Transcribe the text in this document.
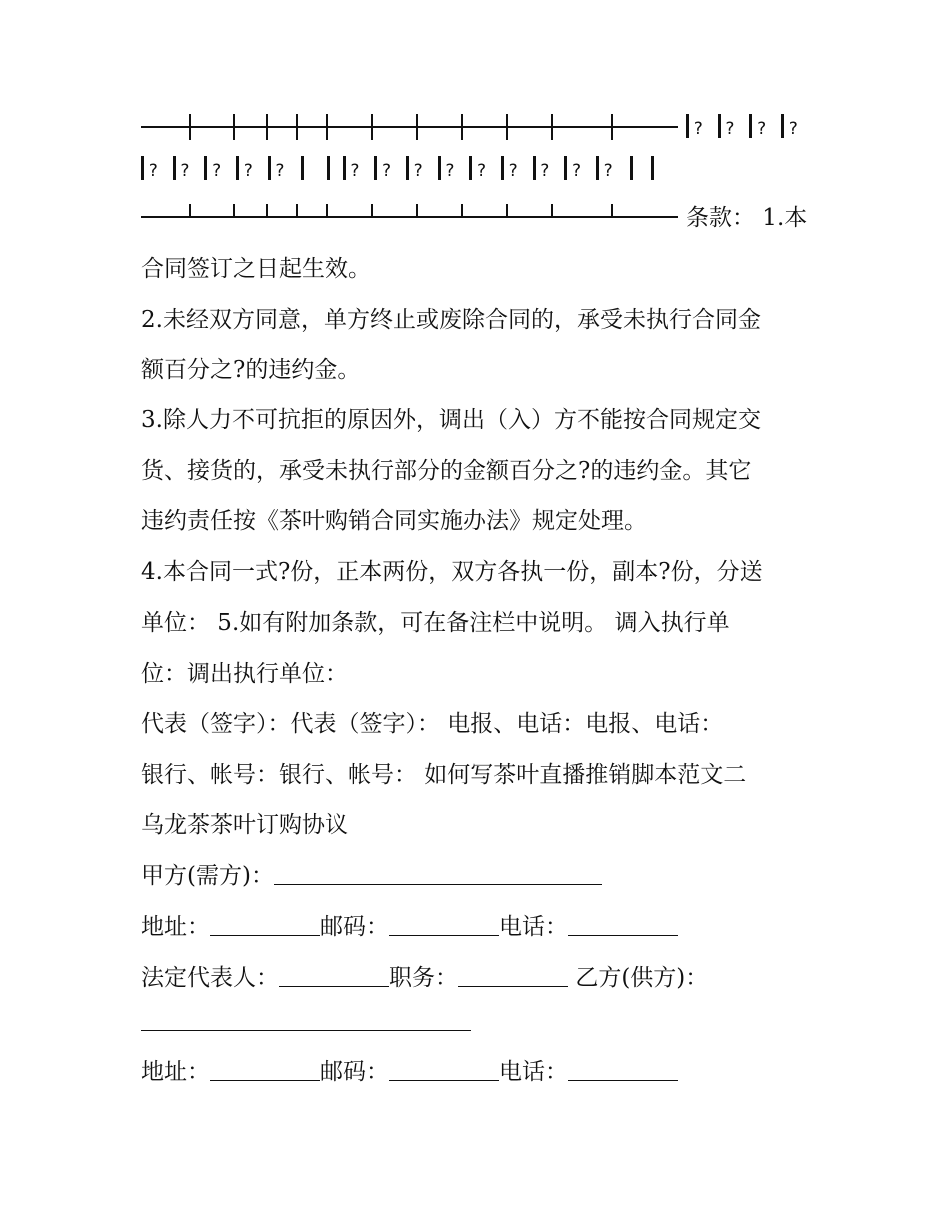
? ? ? ?
? ? ? ? ?	? ? ? ? ? ? ? ? ?
条款： 1.本
合同签订之日起生效。
2.未经双方同意，单方终止或废除合同的，承受未执行合同金
额百分之?的违约金。
3.除人力不可抗拒的原因外，调出（入）方不能按合同规定交
货、接货的，承受未执行部分的金额百分之?的违约金。其它
违约责任按《茶叶购销合同实施办法》规定处理。
4.本合同一式?份，正本两份，双方各执一份，副本?份，分送
单位： 5.如有附加条款，可在备注栏中说明。 调入执行单
位：调出执行单位：
代表（签字）：代表（签字）： 电报、电话：电报、电话：
银行、帐号：银行、帐号： 如何写茶叶直播推销脚本范文二
乌龙茶茶叶订购协议
甲方(需方)：
地址：	邮码：	电话：
法定代表人：	职务：	乙方(供方)：
地址：	邮码：	电话：
